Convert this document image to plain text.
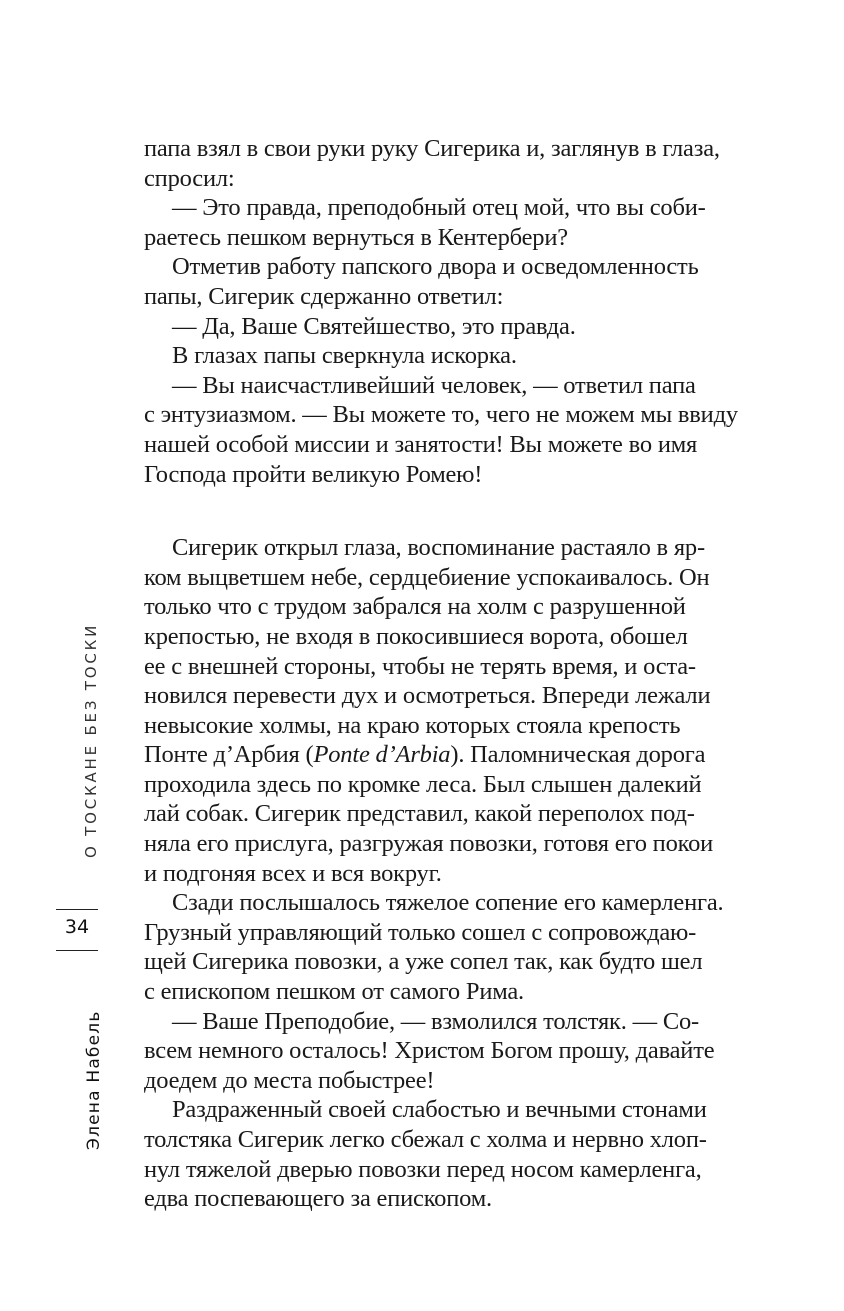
О ТОСКАНЕ БЕЗ ТОСКИ
34
Элена Набель
папа взял в свои руки руку Сигерика и, заглянув в глаза,
спросил:
— Это правда, преподобный отец мой, что вы соби-
раетесь пешком вернуться в Кентербери?
Отметив работу папского двора и осведомленность
папы, Сигерик сдержанно ответил:
— Да, Ваше Святейшество, это правда.
В глазах папы сверкнула искорка.
— Вы наисчастливейший человек, — ответил папа
с энтузиазмом. — Вы можете то, чего не можем мы ввиду
нашей особой миссии и занятости! Вы можете во имя
Господа пройти великую Ромею!
Сигерик открыл глаза, воспоминание растаяло в яр-
ком выцветшем небе, сердцебиение успокаивалось. Он
только что с трудом забрался на холм с разрушенной
крепостью, не входя в покосившиеся ворота, обошел
ее с внешней стороны, чтобы не терять время, и оста-
новился перевести дух и осмотреться. Впереди лежали
невысокие холмы, на краю которых стояла крепость
Понте д’Арбия (Ponte d’Arbia). Паломническая дорога
проходила здесь по кромке леса. Был слышен далекий
лай собак. Сигерик представил, какой переполох под-
няла его прислуга, разгружая повозки, готовя его покои
и подгоняя всех и вся вокруг.
Сзади послышалось тяжелое сопение его камерленга.
Грузный управляющий только сошел с сопровождаю-
щей Сигерика повозки, а уже сопел так, как будто шел
с епископом пешком от самого Рима.
— Ваше Преподобие, — взмолился толстяк. — Со-
всем немного осталось! Христом Богом прошу, давайте
доедем до места побыстрее!
Раздраженный своей слабостью и вечными стонами
толстяка Сигерик легко сбежал с холма и нервно хлоп-
нул тяжелой дверью повозки перед носом камерленга,
едва поспевающего за епископом.
